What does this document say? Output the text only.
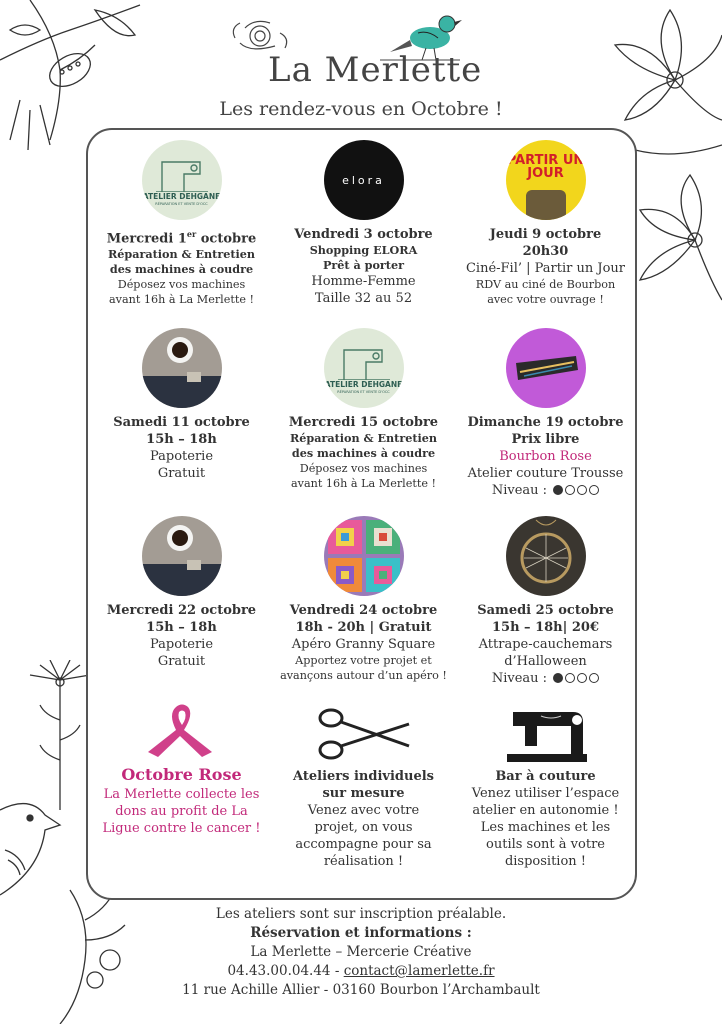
La Merlette
Les rendez-vous en Octobre !
ATELIER DEHGANE
RÉPARATION ET VENTE D'OCC
Mercredi 1er octobre
Réparation & Entretien
des machines à coudre
Déposez vos machines
avant 16h à La Merlette !
elora
Vendredi 3 octobre
Shopping ELORA
Prêt à porter
Homme-Femme
Taille 32 au 52
PARTIR UN JOUR
Jeudi 9 octobre
20h30
Ciné-Fil’ | Partir un Jour
RDV au ciné de Bourbon
avec votre ouvrage !
Samedi 11 octobre
15h – 18h
Papoterie
Gratuit
ATELIER DEHGANE
RÉPARATION ET VENTE D'OCC
Mercredi 15 octobre
Réparation & Entretien
des machines à coudre
Déposez vos machines
avant 16h à La Merlette !
Dimanche 19 octobre
Prix libre
Bourbon Rose
Atelier couture Trousse
Niveau :
Mercredi 22 octobre
15h – 18h
Papoterie
Gratuit
Vendredi 24 octobre
18h - 20h | Gratuit
Apéro Granny Square
Apportez votre projet et
avançons autour d’un apéro !
Samedi 25 octobre
15h – 18h| 20€
Attrape-cauchemars
d’Halloween
Niveau :
Octobre Rose
La Merlette collecte les
dons au profit de La
Ligue contre le cancer !
Ateliers individuels
sur mesure
Venez avec votre
projet, on vous
accompagne pour sa
réalisation !
Bar à couture
Venez utiliser l’espace
atelier en autonomie !
Les machines et les
outils sont à votre
disposition !
Les ateliers sont sur inscription préalable.
Réservation et informations :
La Merlette – Mercerie Créative
04.43.00.04.44 - contact@lamerlette.fr
11 rue Achille Allier - 03160 Bourbon l’Archambault
